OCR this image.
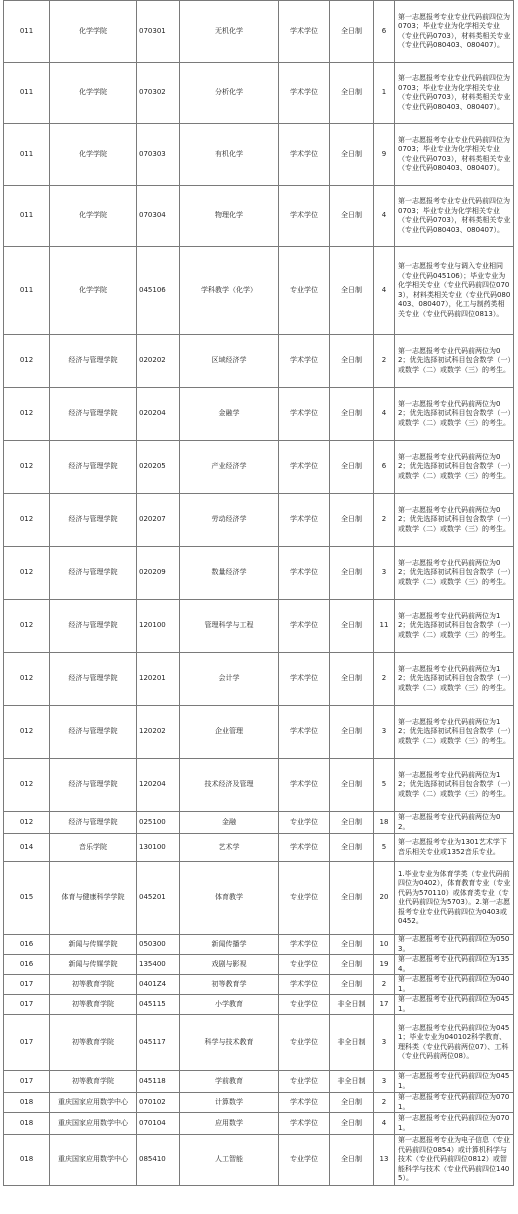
011	化学学院	070301	无机化学	学术学位	全日制	6	第一志愿报考专业专业代码前四位为0703；毕业专业为化学相关专业（专业代码0703），材料类相关专业（专业代码080403、080407）。
011	化学学院	070302	分析化学	学术学位	全日制	1	第一志愿报考专业专业代码前四位为0703；毕业专业为化学相关专业（专业代码0703），材料类相关专业（专业代码080403、080407）。
011	化学学院	070303	有机化学	学术学位	全日制	9	第一志愿报考专业专业代码前四位为0703；毕业专业为化学相关专业（专业代码0703），材料类相关专业（专业代码080403、080407）。
011	化学学院	070304	物理化学	学术学位	全日制	4	第一志愿报考专业专业代码前四位为0703；毕业专业为化学相关专业（专业代码0703），材料类相关专业（专业代码080403、080407）。
011	化学学院	045106	学科教学（化学）	专业学位	全日制	4	第一志愿报考专业与调入专业相同（专业代码045106）；毕业专业为化学相关专业（专业代码前四位0703），材料类相关专业（专业代码080403、080407），化工与制药类相关专业（专业代码前四位0813）。
012	经济与管理学院	020202	区域经济学	学术学位	全日制	2	第一志愿报考专业代码前两位为02；优先选择初试科目包含数学（一）或数学（二）或数学（三）的考生。
012	经济与管理学院	020204	金融学	学术学位	全日制	4	第一志愿报考专业代码前两位为02；优先选择初试科目包含数学（一）或数学（二）或数学（三）的考生。
012	经济与管理学院	020205	产业经济学	学术学位	全日制	6	第一志愿报考专业代码前两位为02；优先选择初试科目包含数学（一）或数学（二）或数学（三）的考生。
012	经济与管理学院	020207	劳动经济学	学术学位	全日制	2	第一志愿报考专业代码前两位为02；优先选择初试科目包含数学（一）或数学（二）或数学（三）的考生。
012	经济与管理学院	020209	数量经济学	学术学位	全日制	3	第一志愿报考专业代码前两位为02；优先选择初试科目包含数学（一）或数学（二）或数学（三）的考生。
012	经济与管理学院	120100	管理科学与工程	学术学位	全日制	11	第一志愿报考专业代码前两位为12；优先选择初试科目包含数学（一）或数学（二）或数学（三）的考生。
012	经济与管理学院	120201	会计学	学术学位	全日制	2	第一志愿报考专业代码前两位为12；优先选择初试科目包含数学（一）或数学（二）或数学（三）的考生。
012	经济与管理学院	120202	企业管理	学术学位	全日制	3	第一志愿报考专业代码前两位为12；优先选择初试科目包含数学（一）或数学（二）或数学（三）的考生。
012	经济与管理学院	120204	技术经济及管理	学术学位	全日制	5	第一志愿报考专业代码前两位为12；优先选择初试科目包含数学（一）或数学（二）或数学（三）的考生。
012	经济与管理学院	025100	金融	专业学位	全日制	18	第一志愿报考专业代码前两位为02。
014	音乐学院	130100	艺术学	学术学位	全日制	5	第一志愿报考专业为1301艺术学下音乐相关专业或1352音乐专业。
015	体育与健康科学学院	045201	体育教学	专业学位	全日制	20	1.毕业专业为体育学类（专业代码前四位为0402），体育教育专业（专业代码为570110）或体育类专业（专业代码前四位为5703）。2.第一志愿报考专业专业代码前四位为0403或0452。
016	新闻与传媒学院	050300	新闻传播学	学术学位	全日制	10	第一志愿报考专业代码前四位为0503。
016	新闻与传媒学院	135400	戏剧与影视	专业学位	全日制	19	第一志愿报考专业代码前四位为1354。
017	初等教育学院	0401Z4	初等教育学	学术学位	全日制	2	第一志愿报考专业代码前四位为0401。
017	初等教育学院	045115	小学教育	专业学位	非全日制	17	第一志愿报考专业代码前四位为0451。
017	初等教育学院	045117	科学与技术教育	专业学位	非全日制	3	第一志愿报考专业代码前四位为0451；毕业专业为040102科学教育、理科类（专业代码前两位07）、工科（专业代码前两位08）。
017	初等教育学院	045118	学前教育	专业学位	非全日制	3	第一志愿报考专业代码前四位为0451。
018	重庆国家应用数学中心	070102	计算数学	学术学位	全日制	2	第一志愿报考专业代码前四位为0701。
018	重庆国家应用数学中心	070104	应用数学	学术学位	全日制	4	第一志愿报考专业代码前四位为0701。
018	重庆国家应用数学中心	085410	人工智能	专业学位	全日制	13	第一志愿报考专业为电子信息（专业代码前四位0854）或计算机科学与技术（专业代码前四位0812）或智能科学与技术（专业代码前四位1405）。
